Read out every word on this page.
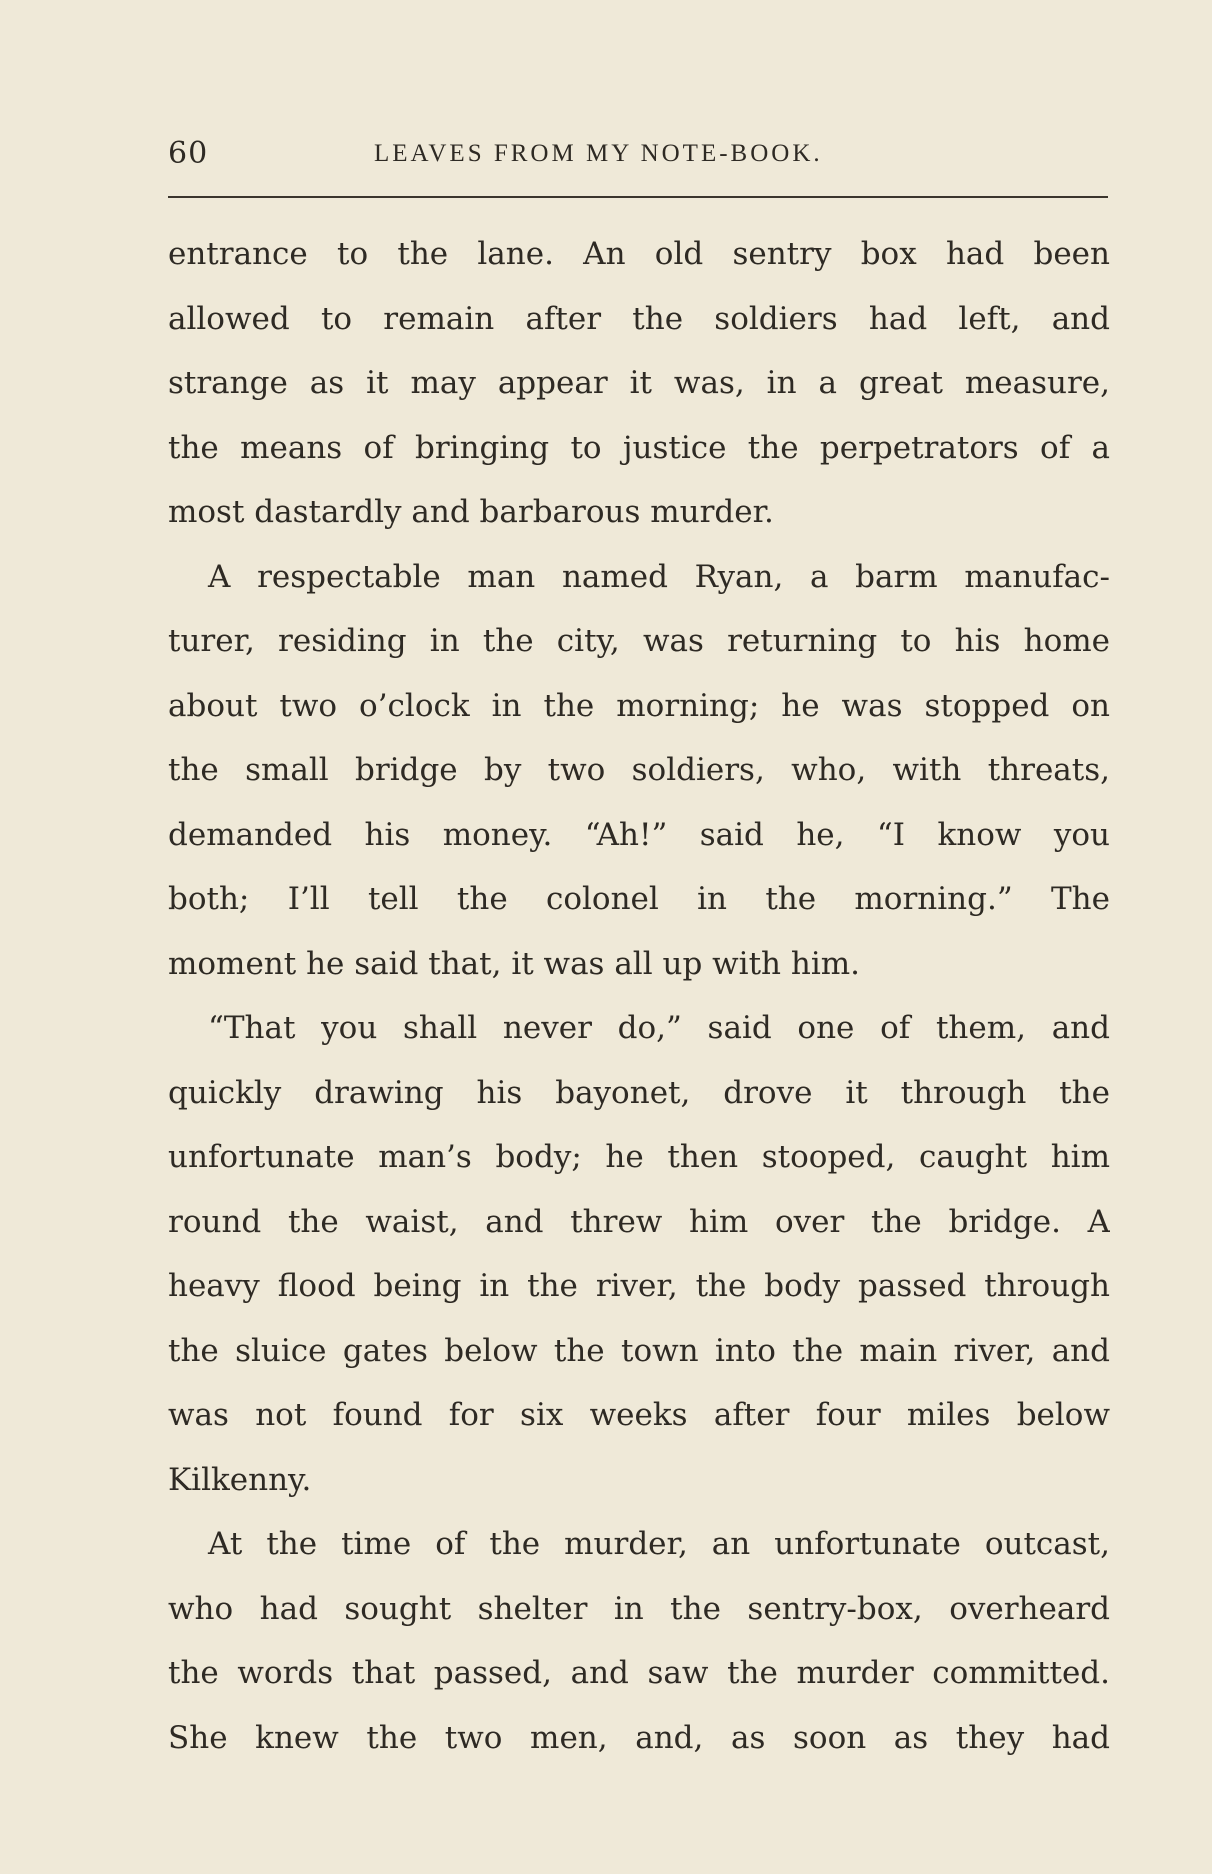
60	LEAVES FROM MY NOTE-BOOK.
entrance to the lane. An old sentry box had been
allowed to remain after the soldiers had left, and
strange as it may appear it was, in a great measure,
the means of bringing to justice the perpetrators of a
most dastardly and barbarous murder.
A respectable man named Ryan, a barm manufac-
turer, residing in the city, was returning to his home
about two o’clock in the morning; he was stopped on
the small bridge by two soldiers, who, with threats,
demanded his money. “Ah!” said he, “I know you
both; I’ll tell the colonel in the morning.” The
moment he said that, it was all up with him.
“That you shall never do,” said one of them, and
quickly drawing his bayonet, drove it through the
unfortunate man’s body; he then stooped, caught him
round the waist, and threw him over the bridge. A
heavy flood being in the river, the body passed through
the sluice gates below the town into the main river, and
was not found for six weeks after four miles below
Kilkenny.
At the time of the murder, an unfortunate outcast,
who had sought shelter in the sentry-box, overheard
the words that passed, and saw the murder committed.
She knew the two men, and, as soon as they had
